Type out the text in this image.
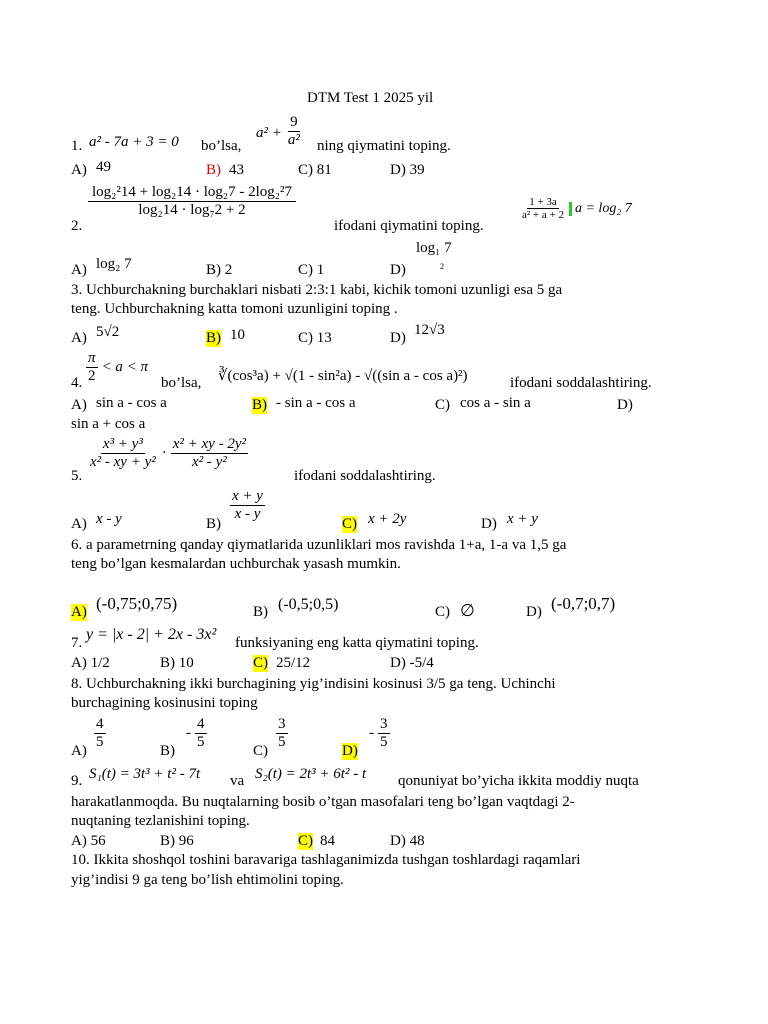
DTM Test 1 2025 yil
1. a² - 7a + 3 = 0 bo’lsa,
$a^2 + \frac{9}{\text{a²}}$ ning qiymatini toping.
A) 49	B) 43	C) 81	D) 39
2.
$\frac{\text{log₂²14 + log₂14 · log₂7 - 2log₂²7}}{\text{log₂14 · log₇2 + 2}}$
ifodani qiymatini toping.
$\frac{1 + 3a}{\text{a² + a + 2}}$ a = log₂ 7
A) log₂ 7	B) 2	C) 1	D)
log₁ 7
2
3. Uchburchakning burchaklari nisbati 2:3:1 kabi, kichik tomoni uzunligi esa 5 ga
teng. Uchburchakning katta tomoni uzunligini toping .
A) 5√2	B) 10	C) 13	D) 12√3
4. $\frac{\pi}{2} < a < \pi$
bo’lsa, ∛(cos³a) + √(1 - sin²a) - √((sin a - cos a)²)	ifodani soddalashtiring.
A) sin a - cos a	B) - sin a - cos a	C) cos a - sin a	D)
sin a + cos a
5.
$\frac{\text{x³ + y³}}{\text{x² - xy + y²}} \cdot \frac{\text{x² + xy - 2y²}}{\text{x² - y²}}$
ifodani soddalashtiring.
A) x - y	B)
$\frac{x + y}{x - y}$
C) x + 2y	D) x + y
6. a parametrning qanday qiymatlarida uzunliklari mos ravishda 1+a, 1-a va 1,5 ga
teng bo’lgan kesmalardan uchburchak yasash mumkin.
A) (-0,75;0,75)	B) (-0,5;0,5)	C) ∅	D) (-0,7;0,7)
7. y = |x - 2| + 2x - 3x² funksiyaning eng katta qiymatini toping.
A) 1/2	B) 10	C) 25/12	D) -5/4
8. Uchburchakning ikki burchagining yig’indisini kosinusi 3/5 ga teng. Uchinchi
burchagining kosinusini toping
A)
$\frac{4}{5}$
B)
- $\frac{4}{5}$
C)
$\frac{3}{5}$
D)
- $\frac{3}{5}$
9. S₁(t) = 3t³ + t² - 7t va S₂(t) = 2t³ + 6t² - t qonuniyat bo’yicha ikkita moddiy nuqta
harakatlanmoqda. Bu nuqtalarning bosib o’tgan masofalari teng bo’lgan vaqtdagi 2-
nuqtaning tezlanishini toping.
A) 56	B) 96	C) 84	D) 48
10. Ikkita shoshqol toshini baravariga tashlaganimizda tushgan toshlardagi raqamlari
yig’indisi 9 ga teng bo’lish ehtimolini toping.
